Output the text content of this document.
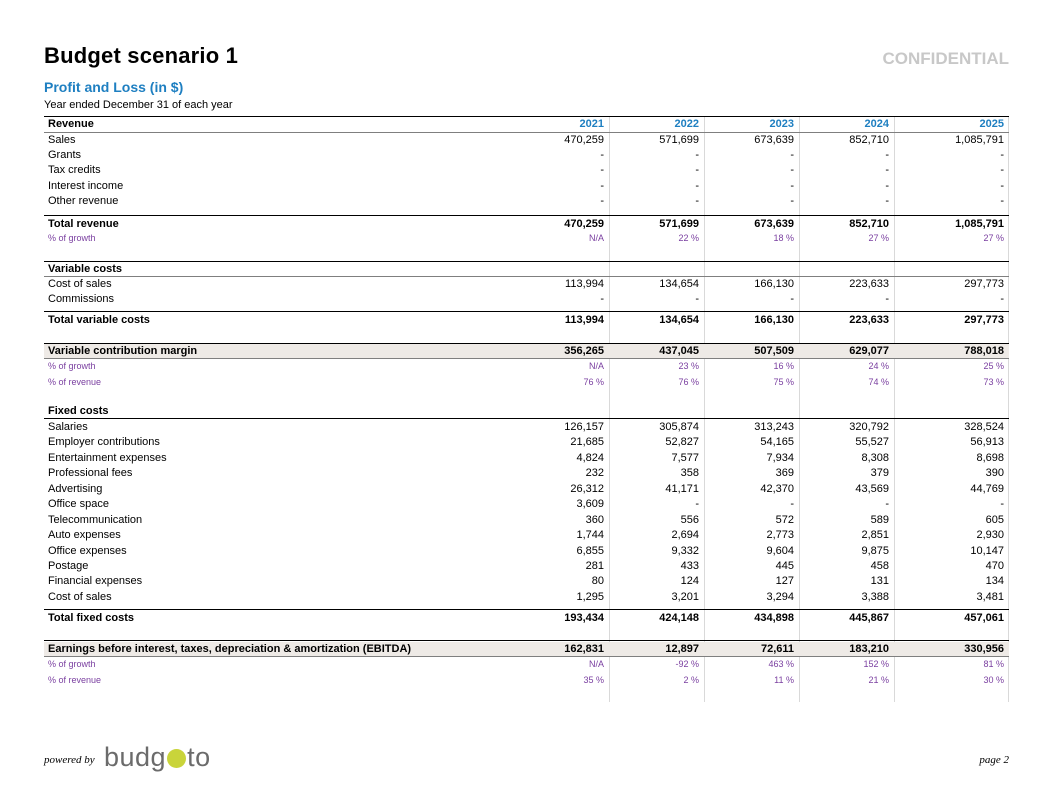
Budget scenario 1	CONFIDENTIAL
Profit and Loss (in $)
Year ended December 31 of each year
Revenue	2021	2022	2023	2024	2025
Sales	470,259	571,699	673,639	852,710	1,085,791
Grants	-	-	-	-	-
Tax credits	-	-	-	-	-
Interest income	-	-	-	-	-
Other revenue	-	-	-	-	-
Total revenue	470,259	571,699	673,639	852,710	1,085,791
% of growth	N/A	22 %	18 %	27 %	27 %
Variable costs
Cost of sales	113,994	134,654	166,130	223,633	297,773
Commissions	-	-	-	-	-
Total variable costs	113,994	134,654	166,130	223,633	297,773
Variable contribution margin	356,265	437,045	507,509	629,077	788,018
% of growth	N/A	23 %	16 %	24 %	25 %
% of revenue	76 %	76 %	75 %	74 %	73 %
Fixed costs
Salaries	126,157	305,874	313,243	320,792	328,524
Employer contributions	21,685	52,827	54,165	55,527	56,913
Entertainment expenses	4,824	7,577	7,934	8,308	8,698
Professional fees	232	358	369	379	390
Advertising	26,312	41,171	42,370	43,569	44,769
Office space	3,609	-	-	-	-
Telecommunication	360	556	572	589	605
Auto expenses	1,744	2,694	2,773	2,851	2,930
Office expenses	6,855	9,332	9,604	9,875	10,147
Postage	281	433	445	458	470
Financial expenses	80	124	127	131	134
Cost of sales	1,295	3,201	3,294	3,388	3,481
Total fixed costs	193,434	424,148	434,898	445,867	457,061
Earnings before interest, taxes, depreciation & amortization (EBITDA)	162,831	12,897	72,611	183,210	330,956
% of growth	N/A	-92 %	463 %	152 %	81 %
% of revenue	35 %	2 %	11 %	21 %	30 %
powered by budg to	page 2
